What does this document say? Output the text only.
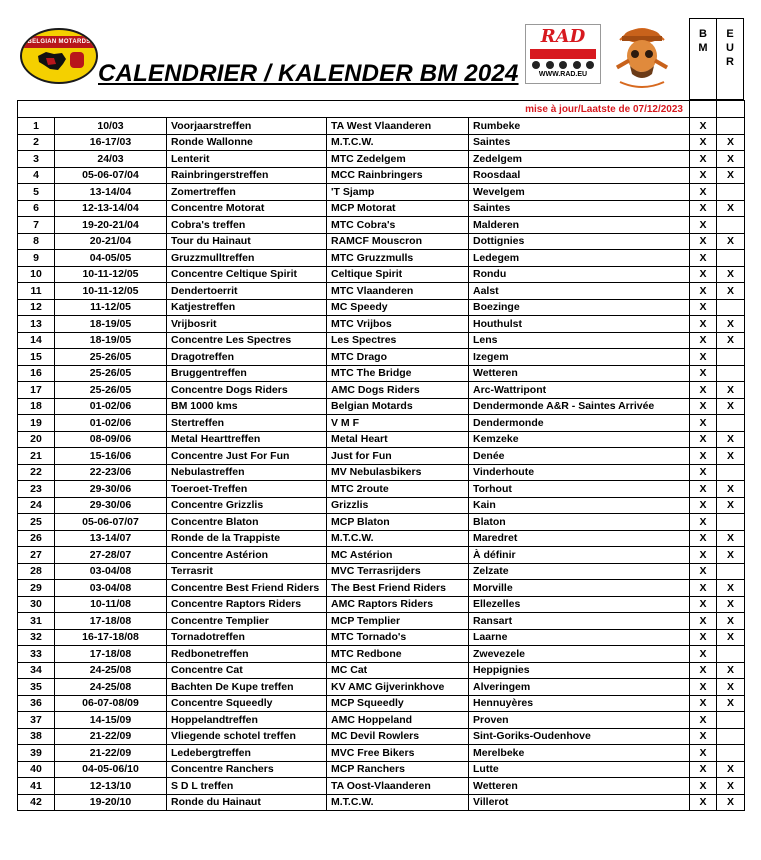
BELGIAN MOTARDS
CALENDRIER / KALENDER BM 2024
RAD
WWW.RAD.EU
B
M
E
U
R
mise à jour/Laatste de 07/12/2023						
1	10/03	Voorjaarstreffen	TA West Vlaanderen	Rumbeke	X	
2	16-17/03	Ronde Wallonne	M.T.C.W.	Saintes	X	X
3	24/03	Lenterit	MTC Zedelgem	Zedelgem	X	X
4	05-06-07/04	Rainbringerstreffen	MCC Rainbringers	Roosdaal	X	X
5	13-14/04	Zomertreffen	'T Sjamp	Wevelgem	X	
6	12-13-14/04	Concentre Motorat	MCP Motorat	Saintes	X	X
7	19-20-21/04	Cobra's treffen	MTC Cobra's	Malderen	X	
8	20-21/04	Tour du Hainaut	RAMCF Mouscron	Dottignies	X	X
9	04-05/05	Gruzzmulltreffen	MTC Gruzzmulls	Ledegem	X	
10	10-11-12/05	Concentre Celtique Spirit	Celtique Spirit	Rondu	X	X
11	10-11-12/05	Dendertoerrit	MTC Vlaanderen	Aalst	X	X
12	11-12/05	Katjestreffen	MC Speedy	Boezinge	X	
13	18-19/05	Vrijbosrit	MTC Vrijbos	Houthulst	X	X
14	18-19/05	Concentre Les Spectres	Les Spectres	Lens	X	X
15	25-26/05	Dragotreffen	MTC Drago	Izegem	X	
16	25-26/05	Bruggentreffen	MTC The Bridge	Wetteren	X	
17	25-26/05	Concentre Dogs Riders	AMC Dogs Riders	Arc-Wattripont	X	X
18	01-02/06	BM 1000 kms	Belgian Motards	Dendermonde A&R - Saintes Arrivée	X	X
19	01-02/06	Stertreffen	V M F	Dendermonde	X	
20	08-09/06	Metal Hearttreffen	Metal Heart	Kemzeke	X	X
21	15-16/06	Concentre Just For Fun	Just for Fun	Denée	X	X
22	22-23/06	Nebulastreffen	MV Nebulasbikers	Vinderhoute	X	
23	29-30/06	Toeroet-Treffen	MTC 2route	Torhout	X	X
24	29-30/06	Concentre Grizzlis	Grizzlis	Kain	X	X
25	05-06-07/07	Concentre Blaton	MCP Blaton	Blaton	X	
26	13-14/07	Ronde de la Trappiste	M.T.C.W.	Maredret	X	X
27	27-28/07	Concentre Astérion	MC Astérion	À définir	X	X
28	03-04/08	Terrasrit	MVC Terrasrijders	Zelzate	X	
29	03-04/08	Concentre Best Friend Riders	The Best Friend Riders	Morville	X	X
30	10-11/08	Concentre Raptors Riders	AMC Raptors Riders	Ellezelles	X	X
31	17-18/08	Concentre Templier	MCP Templier	Ransart	X	X
32	16-17-18/08	Tornadotreffen	MTC Tornado's	Laarne	X	X
33	17-18/08	Redbonetreffen	MTC Redbone	Zwevezele	X	
34	24-25/08	Concentre Cat	MC Cat	Heppignies	X	X
35	24-25/08	Bachten De Kupe treffen	KV AMC Gijverinkhove	Alveringem	X	X
36	06-07-08/09	Concentre Squeedly	MCP Squeedly	Hennuyères	X	X
37	14-15/09	Hoppelandtreffen	AMC Hoppeland	Proven	X	
38	21-22/09	Vliegende schotel treffen	MC Devil Rowlers	Sint-Goriks-Oudenhove	X	
39	21-22/09	Ledebergtreffen	MVC Free Bikers	Merelbeke	X	
40	04-05-06/10	Concentre Ranchers	MCP Ranchers	Lutte	X	X
41	12-13/10	S D L treffen	TA Oost-Vlaanderen	Wetteren	X	X
42	19-20/10	Ronde du Hainaut	M.T.C.W.	Villerot	X	X
